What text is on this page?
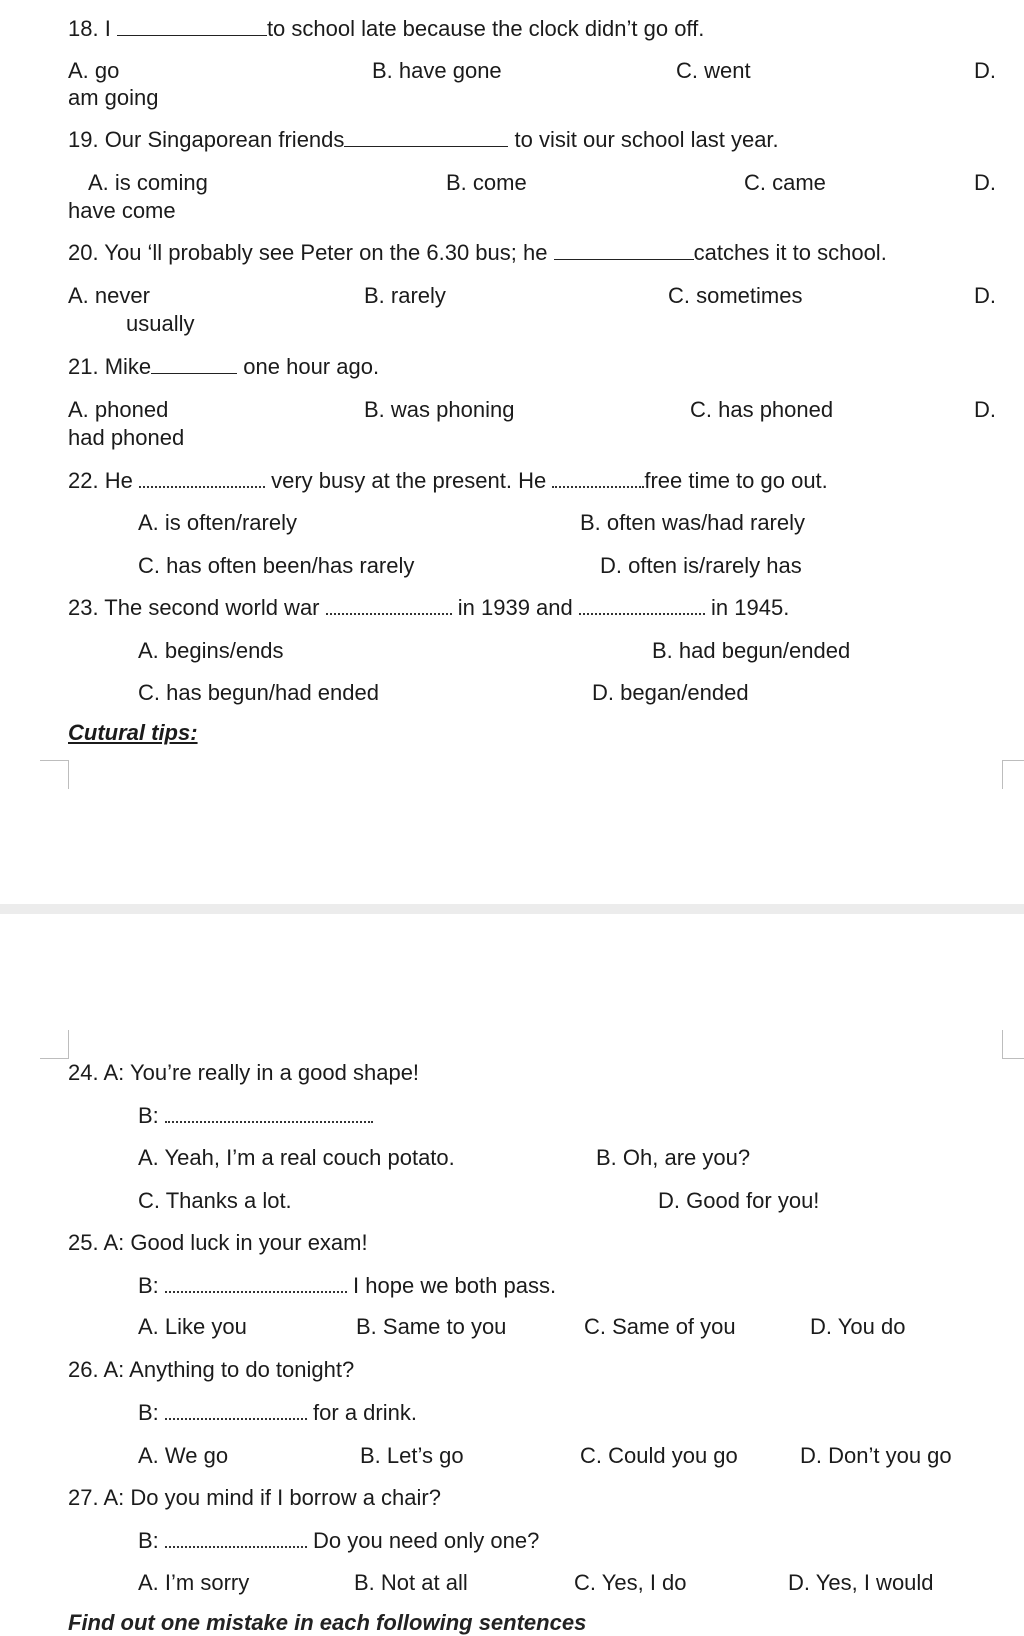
18. I	to school late because the clock didn’t go off.
A. go	B. have gone	C. went	D.
am going
19. Our Singaporean friends	to visit our school last year.
A. is coming	B. come	C. came	D.
have come
20. You ‘ll probably see Peter on the 6.30 bus; he	catches it to school.
A. never	B. rarely	C. sometimes	D.
usually
21. Mike	one hour ago.
A. phoned	B. was phoning	C. has phoned	D.
had phoned
22. He	very busy at the present. He	free time to go out.
A. is often/rarely	B. often was/had rarely
C. has often been/has rarely	D. often is/rarely has
23. The second world war	in 1939 and	in 1945.
A. begins/ends	B. had begun/ended
C. has begun/had ended	D. began/ended
Cutural tips:
24. A: You’re really in a good shape!
B:
A. Yeah, I’m a real couch potato.	B. Oh, are you?
C. Thanks a lot.	D. Good for you!
25. A: Good luck in your exam!
B:	I hope we both pass.
A. Like you	B. Same to you	C. Same of you	D. You do
26. A: Anything to do tonight?
B:	for a drink.
A. We go	B. Let’s go	C. Could you go	D. Don’t you go
27. A: Do you mind if I borrow a chair?
B:	Do you need only one?
A. I’m sorry	B. Not at all	C. Yes, I do	D. Yes, I would
Find out one mistake in each following sentences
